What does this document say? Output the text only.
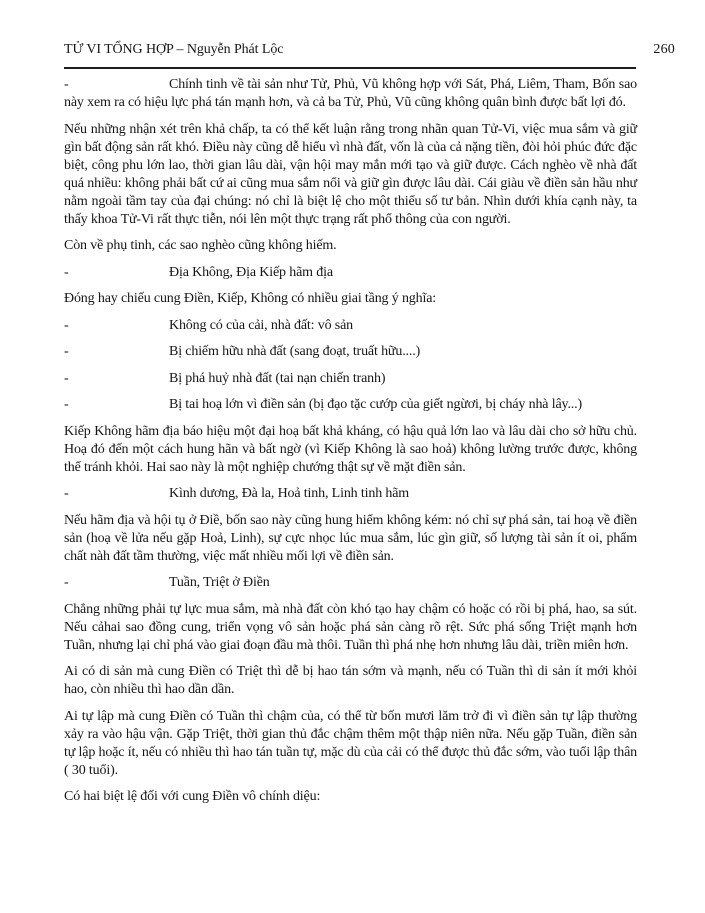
TỬ VI TỔNG HỢP – Nguyễn Phát Lộc	260

-	Chính tinh về tài sản như Tử, Phủ, Vũ không hợp với Sát, Phá, Liêm, Tham, Bốn sao này xem ra có hiệu lực phá tán mạnh hơn, và cả ba Tử, Phủ, Vũ cũng không quân bình được bất lợi đó.

Nếu những nhận xét trên khả chấp, ta có thể kết luận rằng trong nhãn quan Tử-Vi, việc mua sắm và giữ gìn bất động sản rất khó. Điều này cũng dễ hiểu vì nhà đất, vốn là của cả nặng tiền, đòi hỏi phúc đức đặc biệt, công phu lớn lao, thời gian lâu dài, vận hội may mắn mới tạo và giữ được. Cách nghèo về nhà đất quá nhiều: không phải bất cứ ai cũng mua sắm nổi và giữ gìn được lâu dài. Cái giàu về điền sản hầu như nằm ngoài tầm tay của đại chúng: nó chỉ là biệt lệ cho một thiểu số tư bản. Nhìn dưới khía cạnh này, ta thấy khoa Tử-Vi rất thực tiễn, nói lên một thực trạng rất phổ thông của con người.

Còn về phụ tinh, các sao nghèo cũng không hiếm.

-	Địa Không, Địa Kiếp hãm địa

Đóng hay chiếu cung Điền, Kiếp, Không có nhiều giai tầng ý nghĩa:

-	Không có của cải, nhà đất: vô sản

-	Bị chiếm hữu nhà đất (sang đoạt, truất hữu....)

-	Bị phá huỷ nhà đất (tai nạn chiến tranh)

-	Bị tai hoạ lớn vì điền sản (bị đạo tặc cướp của giết ngừơi, bị cháy nhà lây...)

Kiếp Không hãm địa báo hiệu một đại hoạ bất khả kháng, có hậu quả lớn lao và lâu dài cho sở hữu chủ. Hoạ đó đến một cách hung hãn và bất ngờ (vì Kiếp Không là sao hoả) không lường trước được, không thể tránh khỏi. Hai sao này là một nghiệp chướng thật sự về mặt điền sản.

-	Kình dương, Đà la, Hoả tinh, Linh tinh hãm

Nếu hãm địa và hội tụ ở Điề, bốn sao này cũng hung hiểm không kém: nó chỉ sự phá sản, tai hoạ về điền sản (hoạ về lửa nếu gặp Hoả, Linh), sự cực nhọc lúc mua sắm, lúc gìn giữ, số lượng tài sản ít oi, phẩm chất nàh đất tầm thường, việc mất nhiều mối lợi về điền sản.

-	Tuần, Triệt ở Điền

Chẳng những phải tự lực mua sắm, mà nhà đất còn khó tạo hay chậm có hoặc có rồi bị phá, hao, sa sút. Nếu cảhai sao đồng cung, triển vọng vô sản hoặc phá sản càng rõ rệt. Sức phá sống Triệt mạnh hơn Tuần, nhưng lại chỉ phá vào giai đoạn đầu mà thôi. Tuần thì phá nhẹ hơn nhưng lâu dài, triền miên hơn.

Ai có di sản mà cung Điền có Triệt thì dễ bị hao tán sớm và mạnh, nếu có Tuần thì di sản ít mới khỏi hao, còn nhiều thì hao dần dần.

Ai tự lập mà cung Điền có Tuần thì chậm của, có thể từ bốn mươi lăm trở đi vì điền sản tự lập thường xảy ra vào hậu vận. Gặp Triệt, thời gian thủ đắc chậm thêm một thập niên nữa. Nếu gặp Tuần, điền sản tự lập hoặc ít, nếu có nhiều thì hao tán tuần tự, mặc dù của cải có thể được thủ đắc sớm, vào tuổi lập thân ( 30 tuổi).

Có hai biệt lệ đối với cung Điền vô chính diệu:
